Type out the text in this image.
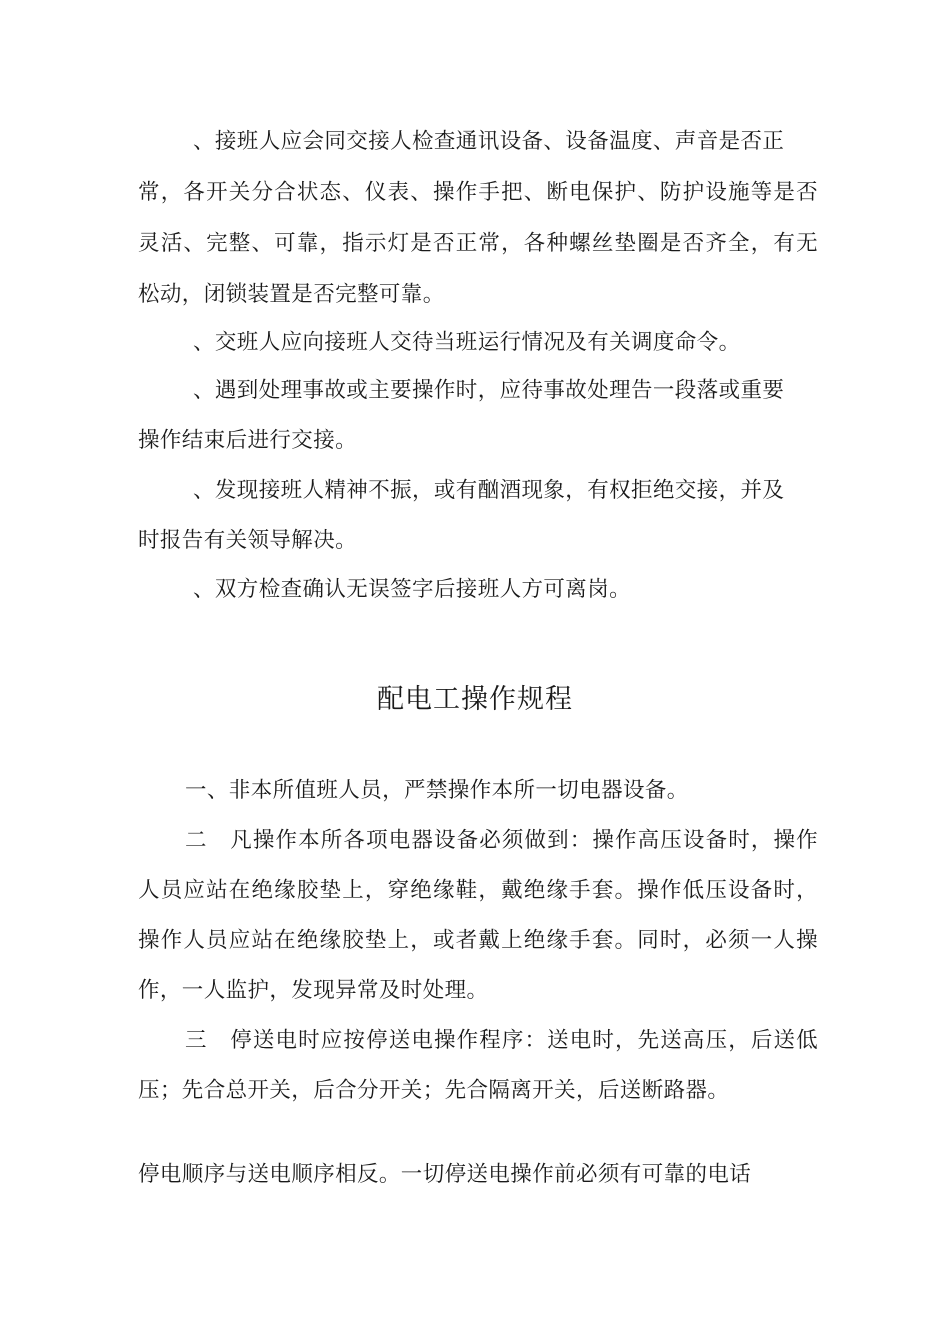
、接班人应会同交接人检查通讯设备、设备温度、声音是否正
常，各开关分合状态、仪表、操作手把、断电保护、防护设施等是否
灵活、完整、可靠，指示灯是否正常，各种螺丝垫圈是否齐全，有无
松动，闭锁装置是否完整可靠。
、交班人应向接班人交待当班运行情况及有关调度命令。
、遇到处理事故或主要操作时，应待事故处理告一段落或重要
操作结束后进行交接。
、发现接班人精神不振，或有酗酒现象，有权拒绝交接，并及
时报告有关领导解决。
、双方检查确认无误签字后接班人方可离岗。
配电工操作规程
一、非本所值班人员，严禁操作本所一切电器设备。
二　凡操作本所各项电器设备必须做到：操作高压设备时，操作
人员应站在绝缘胶垫上，穿绝缘鞋，戴绝缘手套。操作低压设备时，
操作人员应站在绝缘胶垫上，或者戴上绝缘手套。同时，必须一人操
作，一人监护，发现异常及时处理。
三　停送电时应按停送电操作程序：送电时，先送高压，后送低
压；先合总开关，后合分开关；先合隔离开关，后送断路器。
停电顺序与送电顺序相反。一切停送电操作前必须有可靠的电话
